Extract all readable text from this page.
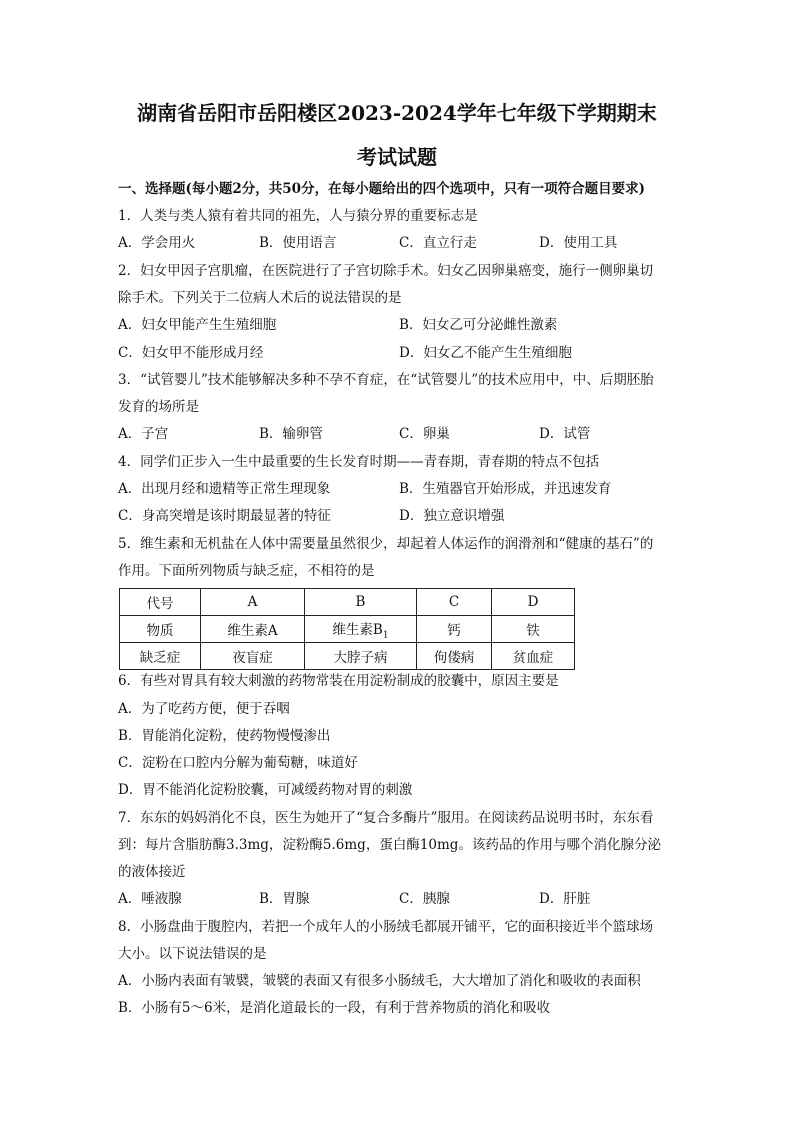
湖南省岳阳市岳阳楼区2023-2024学年七年级下学期期末
考试试题
一、选择题(每小题2分，共50分，在每小题给出的四个选项中，只有一项符合题目要求)
1．人类与类人猿有着共同的祖先，人与猿分界的重要标志是
A．学会用火	B．使用语言	C．直立行走	D．使用工具
2．妇女甲因子宫肌瘤，在医院进行了子宫切除手术。妇女乙因卵巢癌变，施行一侧卵巢切
除手术。下列关于二位病人术后的说法错误的是
A．妇女甲能产生生殖细胞	B．妇女乙可分泌雌性激素
C．妇女甲不能形成月经	D．妇女乙不能产生生殖细胞
3．“试管婴儿”技术能够解决多种不孕不育症，在“试管婴儿”的技术应用中，中、后期胚胎
发育的场所是
A．子宫	B．输卵管	C．卵巢	D．试管
4．同学们正步入一生中最重要的生长发育时期——青春期，青春期的特点不包括
A．出现月经和遗精等正常生理现象	B．生殖器官开始形成，并迅速发育
C．身高突增是该时期最显著的特征	D．独立意识增强
5．维生素和无机盐在人体中需要量虽然很少，却起着人体运作的润滑剂和“健康的基石”的
作用。下面所列物质与缺乏症，不相符的是
代号	A	B	C	D
物质	维生素A	维生素$B_1$	钙	铁
缺乏症	夜盲症	大脖子病	佝偻病	贫血症
6．有些对胃具有较大刺激的药物常装在用淀粉制成的胶囊中，原因主要是
A．为了吃药方便，便于吞咽
B．胃能消化淀粉，使药物慢慢渗出
C．淀粉在口腔内分解为葡萄糖，味道好
D．胃不能消化淀粉胶囊，可减缓药物对胃的刺激
7．东东的妈妈消化不良，医生为她开了“复合多酶片”服用。在阅读药品说明书时，东东看
到：每片含脂肪酶3.3mg，淀粉酶5.6mg，蛋白酶10mg。该药品的作用与哪个消化腺分泌
的液体接近
A．唾液腺	B．胃腺	C．胰腺	D．肝脏
8．小肠盘曲于腹腔内，若把一个成年人的小肠绒毛都展开铺平，它的面积接近半个篮球场
大小。以下说法错误的是
A．小肠内表面有皱襞，皱襞的表面又有很多小肠绒毛，大大增加了消化和吸收的表面积
B．小肠有5～6米，是消化道最长的一段，有利于营养物质的消化和吸收
